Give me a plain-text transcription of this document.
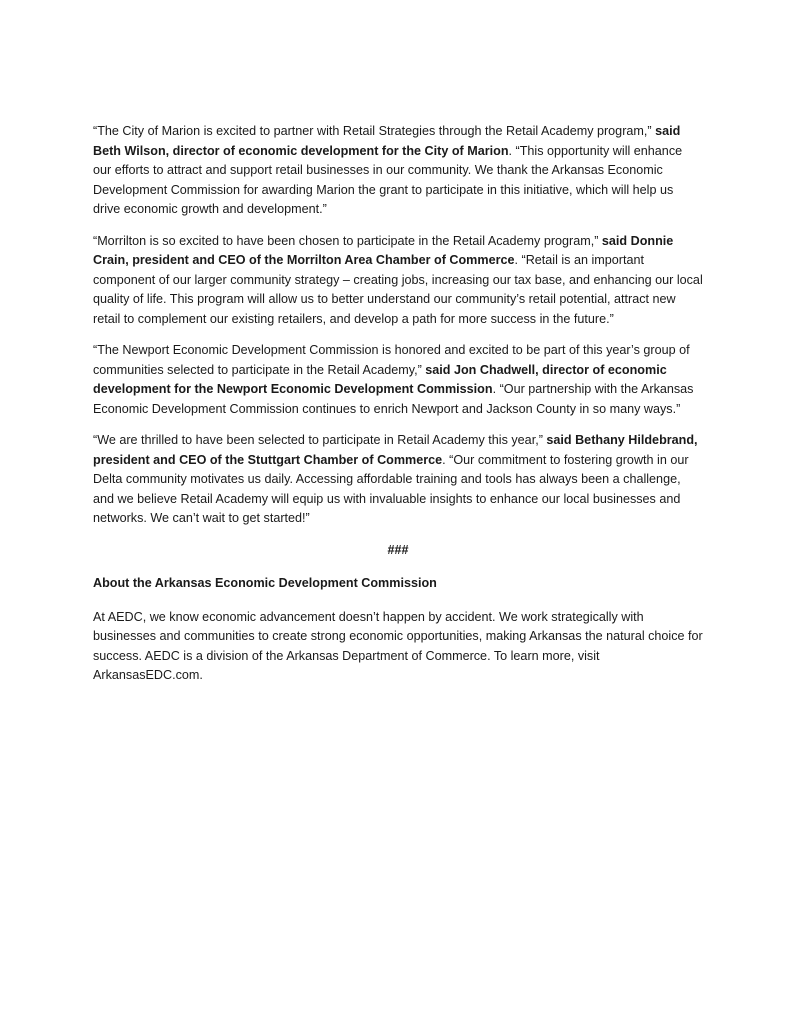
“The City of Marion is excited to partner with Retail Strategies through the Retail Academy program,” said Beth Wilson, director of economic development for the City of Marion. “This opportunity will enhance our efforts to attract and support retail businesses in our community. We thank the Arkansas Economic Development Commission for awarding Marion the grant to participate in this initiative, which will help us drive economic growth and development.”

“Morrilton is so excited to have been chosen to participate in the Retail Academy program,” said Donnie Crain, president and CEO of the Morrilton Area Chamber of Commerce. “Retail is an important component of our larger community strategy – creating jobs, increasing our tax base, and enhancing our local quality of life. This program will allow us to better understand our community’s retail potential, attract new retail to complement our existing retailers, and develop a path for more success in the future.”

“The Newport Economic Development Commission is honored and excited to be part of this year’s group of communities selected to participate in the Retail Academy,” said Jon Chadwell, director of economic development for the Newport Economic Development Commission. “Our partnership with the Arkansas Economic Development Commission continues to enrich Newport and Jackson County in so many ways.”

“We are thrilled to have been selected to participate in Retail Academy this year,” said Bethany Hildebrand, president and CEO of the Stuttgart Chamber of Commerce. “Our commitment to fostering growth in our Delta community motivates us daily. Accessing affordable training and tools has always been a challenge, and we believe Retail Academy will equip us with invaluable insights to enhance our local businesses and networks. We can’t wait to get started!”

###
About the Arkansas Economic Development Commission

At AEDC, we know economic advancement doesn’t happen by accident. We work strategically with businesses and communities to create strong economic opportunities, making Arkansas the natural choice for success. AEDC is a division of the Arkansas Department of Commerce. To learn more, visit ArkansasEDC.com.
